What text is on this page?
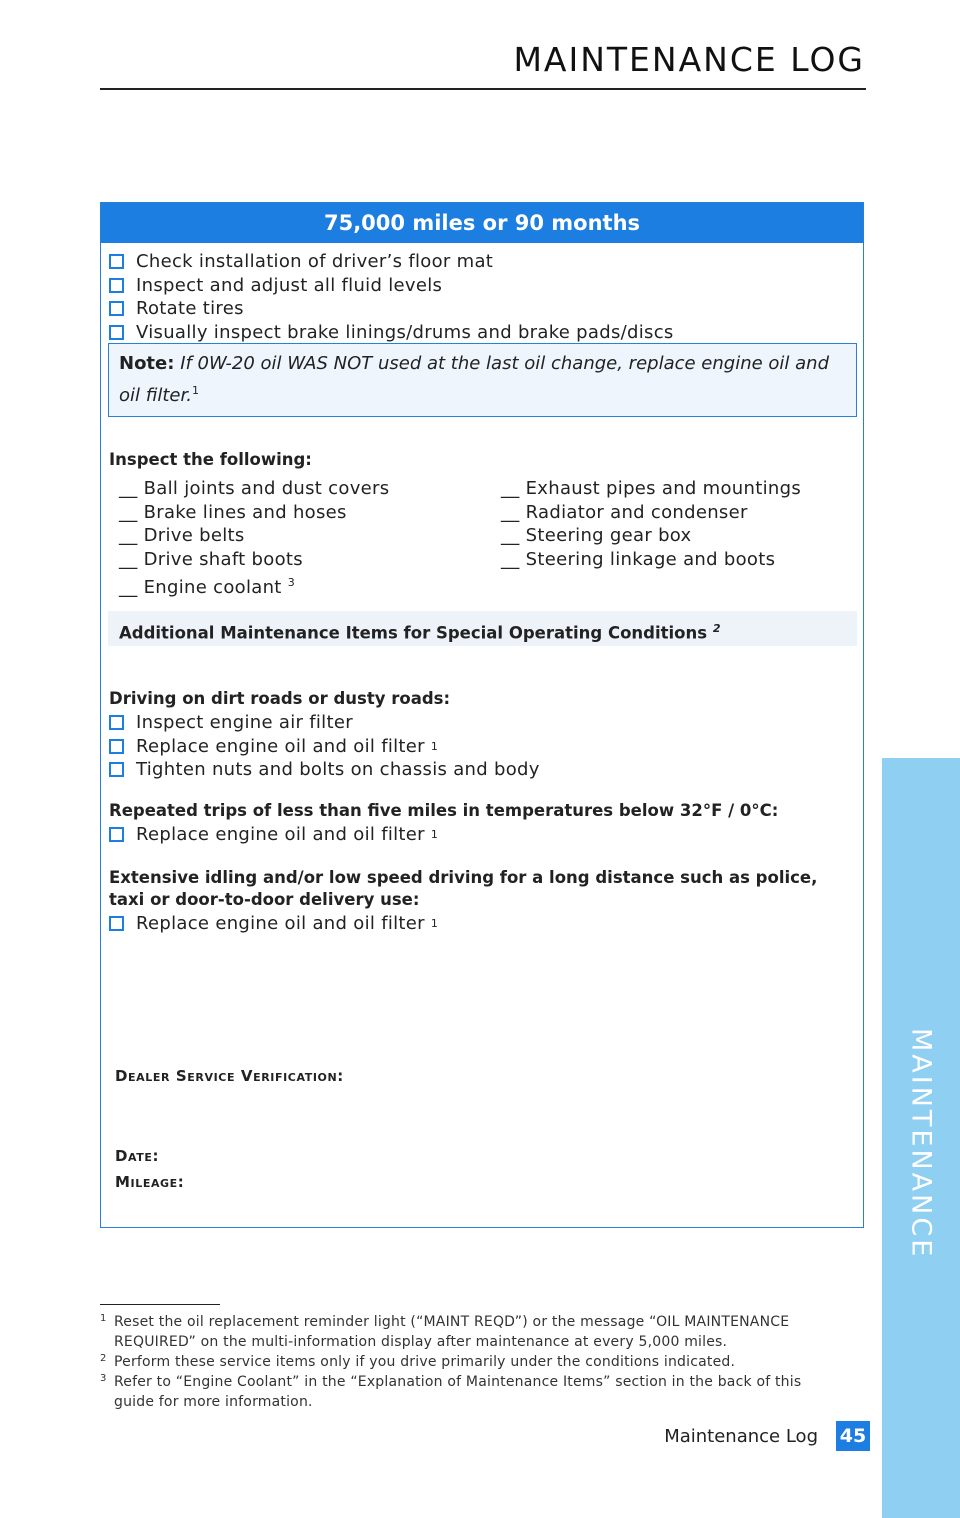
MAINTENANCE LOG
MAINTENANCE
75,000 miles or 90 months
Check installation of driver’s floor mat
Inspect and adjust all fluid levels
Rotate tires
Visually inspect brake linings/drums and brake pads/discs
Note: If 0W-20 oil WAS NOT used at the last oil change, replace engine oil and oil filter.$^1$
Inspect the following:
__ Ball joints and dust covers
__ Brake lines and hoses
__ Drive belts
__ Drive shaft boots
__ Engine coolant $^3$
__ Exhaust pipes and mountings
__ Radiator and condenser
__ Steering gear box
__ Steering linkage and boots
Additional Maintenance Items for Special Operating Conditions $^2$
Driving on dirt roads or dusty roads:
Inspect engine air filter
Replace engine oil and oil filter
1
Tighten nuts and bolts on chassis and body
Repeated trips of less than five miles in temperatures below 32°F / 0°C:
Replace engine oil and oil filter
1
Extensive idling and/or low speed driving for a long distance such as police, taxi or door-to-door delivery use:
Replace engine oil and oil filter
1
Dealer Service Verification:
Date:
Mileage:
1 Reset the oil replacement reminder light (“MAINT REQD”) or the message “OIL MAINTENANCE REQUIRED” on the multi-information display after maintenance at every 5,000 miles.
2 Perform these service items only if you drive primarily under the conditions indicated.
3 Refer to “Engine Coolant” in the “Explanation of Maintenance Items” section in the back of this guide for more information.
Maintenance Log 45
